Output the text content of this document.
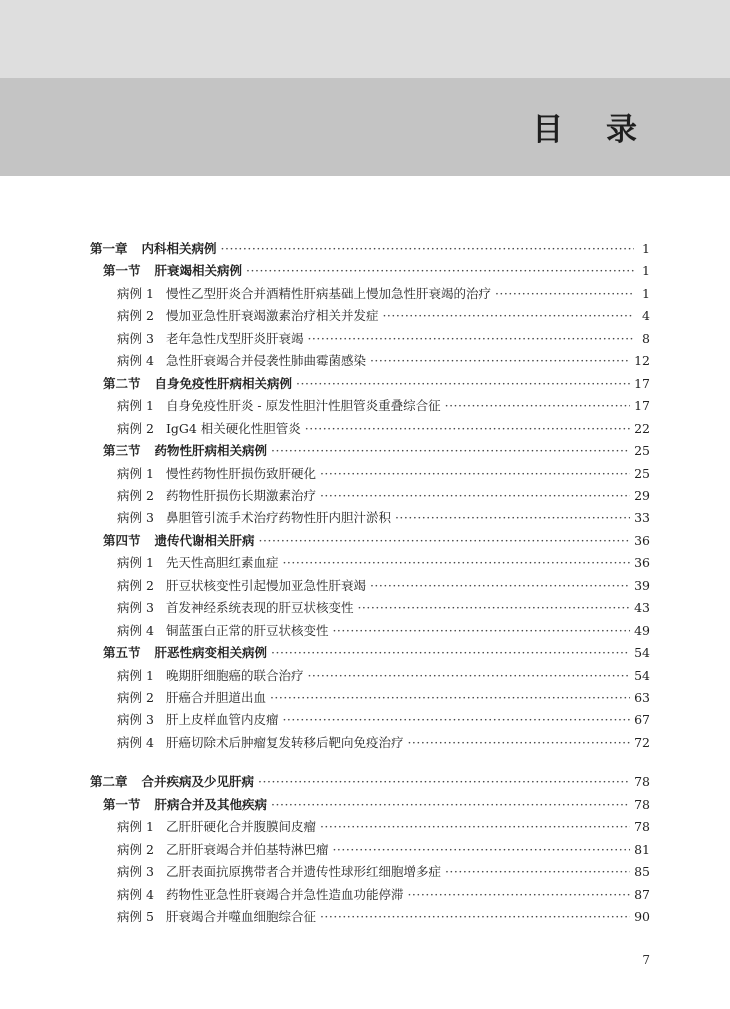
目 录
第一章 内科相关病例 ·····	1
第一节 肝衰竭相关病例 ·····	1
病例 1 慢性乙型肝炎合并酒精性肝病基础上慢加急性肝衰竭的治疗 ·····	1
病例 2 慢加亚急性肝衰竭激素治疗相关并发症 ·····	4
病例 3 老年急性戊型肝炎肝衰竭 ·····	8
病例 4 急性肝衰竭合并侵袭性肺曲霉菌感染 ·····	12
第二节 自身免疫性肝病相关病例 ·····	17
病例 1 自身免疫性肝炎 - 原发性胆汁性胆管炎重叠综合征 ·····	17
病例 2 IgG4 相关硬化性胆管炎 ·····	22
第三节 药物性肝病相关病例 ·····	25
病例 1 慢性药物性肝损伤致肝硬化 ·····	25
病例 2 药物性肝损伤长期激素治疗 ·····	29
病例 3 鼻胆管引流手术治疗药物性肝内胆汁淤积 ·····	33
第四节 遗传代谢相关肝病 ·····	36
病例 1 先天性高胆红素血症 ·····	36
病例 2 肝豆状核变性引起慢加亚急性肝衰竭 ·····	39
病例 3 首发神经系统表现的肝豆状核变性 ·····	43
病例 4 铜蓝蛋白正常的肝豆状核变性 ·····	49
第五节 肝恶性病变相关病例 ·····	54
病例 1 晚期肝细胞癌的联合治疗 ·····	54
病例 2 肝癌合并胆道出血 ·····	63
病例 3 肝上皮样血管内皮瘤 ·····	67
病例 4 肝癌切除术后肿瘤复发转移后靶向免疫治疗 ·····	72
第二章 合并疾病及少见肝病 ·····	78
第一节 肝病合并及其他疾病 ·····	78
病例 1 乙肝肝硬化合并腹膜间皮瘤 ·····	78
病例 2 乙肝肝衰竭合并伯基特淋巴瘤 ·····	81
病例 3 乙肝表面抗原携带者合并遗传性球形红细胞增多症 ·····	85
病例 4 药物性亚急性肝衰竭合并急性造血功能停滞 ·····	87
病例 5 肝衰竭合并噬血细胞综合征 ·····	90
7
